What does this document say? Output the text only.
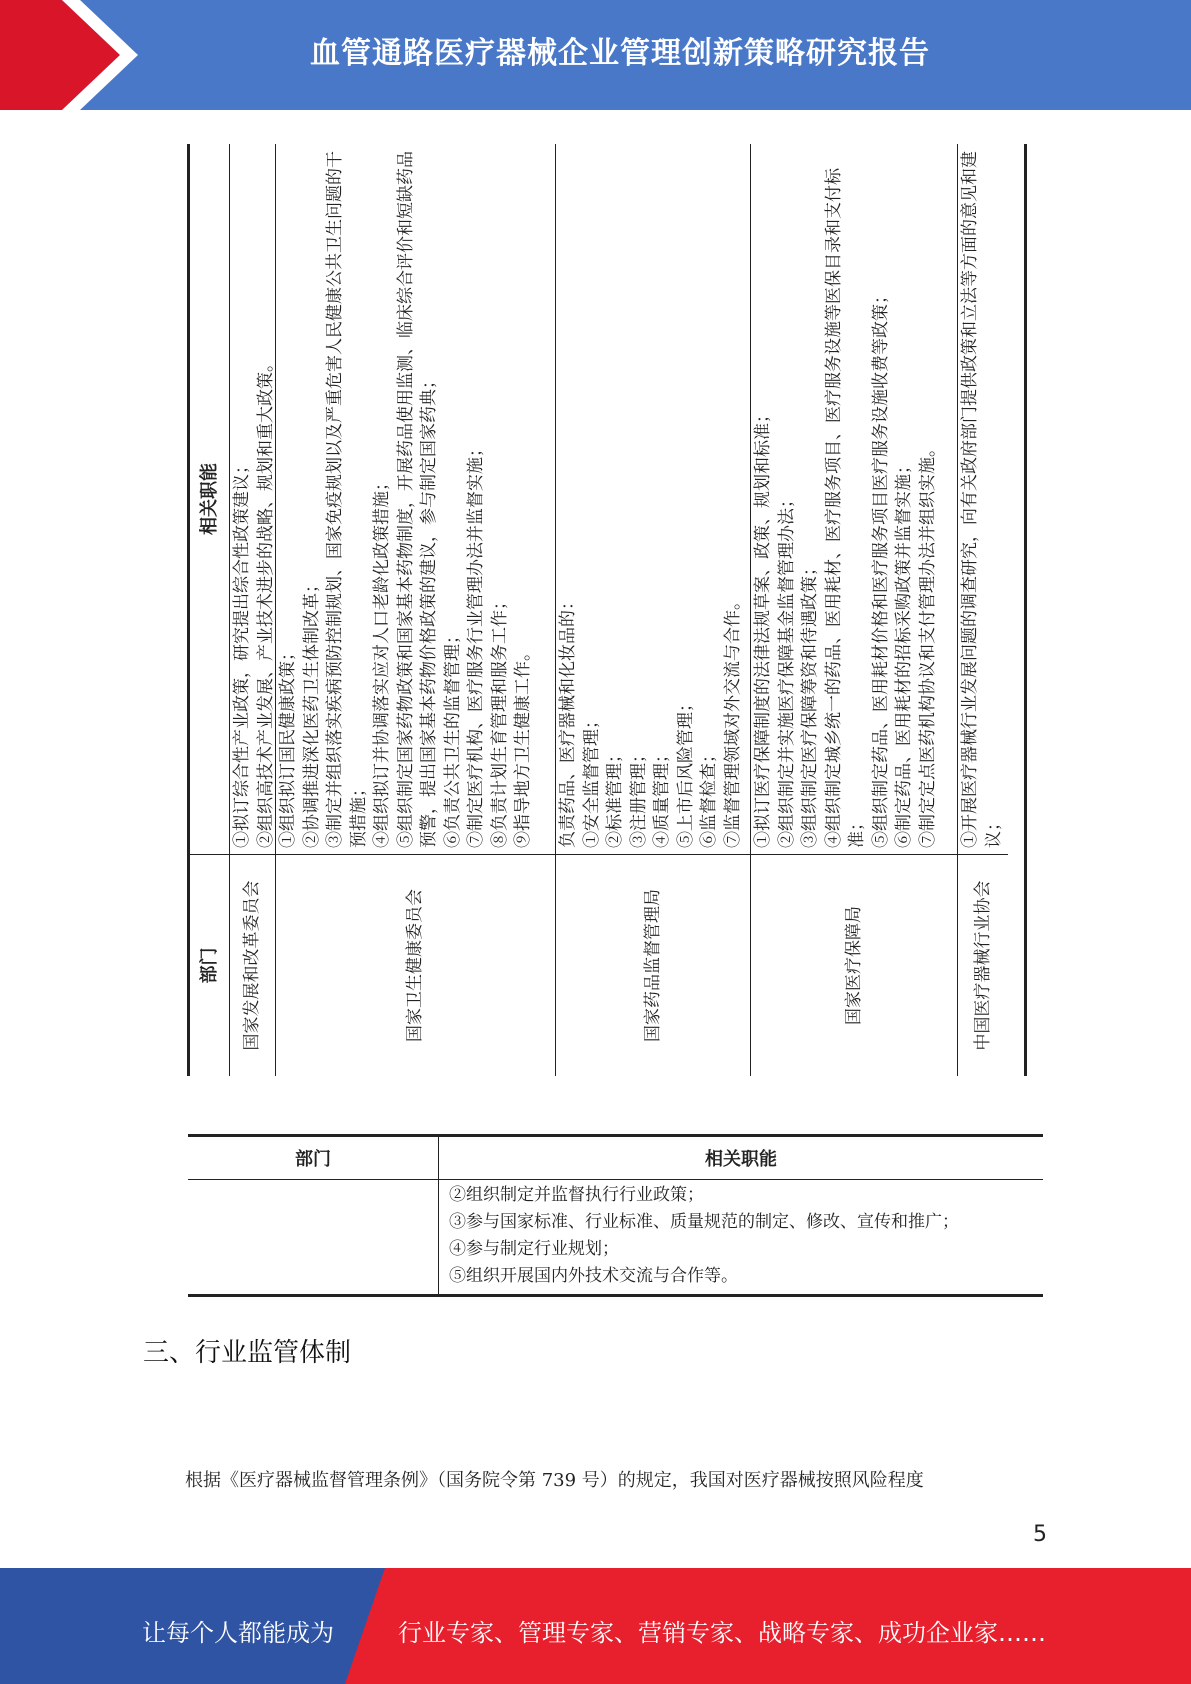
血管通路医疗器械企业管理创新策略研究报告
部门
相关职能
国家发展和改革委员会
①拟订综合性产业政策，研究提出综合性政策建议； ②组织高技术产业发展、产业技术进步的战略、规划和重大政策。
国家卫生健康委员会
①组织拟订国民健康政策； ②协调推进深化医药卫生体制改革； ③制定并组织落实疾病预防控制规划、国家免疫规划以及严重危害人民健康公共卫生问题的干预措施； ④组织拟订并协调落实应对人口老龄化政策措施； ⑤组织制定国家药物政策和国家基本药物制度，开展药品使用监测、临床综合评价和短缺药品预警，提出国家基本药物价格政策的建议，参与制定国家药典； ⑥负责公共卫生的监督管理； ⑦制定医疗机构、医疗服务行业管理办法并监督实施； ⑧负责计划生育管理和服务工作； ⑨指导地方卫生健康工作。
国家药品监督管理局
负责药品、医疗器械和化妆品的： ①安全监督管理； ②标准管理； ③注册管理； ④质量管理； ⑤上市后风险管理； ⑥监督检查； ⑦监督管理领域对外交流与合作。
国家医疗保障局
①拟订医疗保障制度的法律法规草案、政策、规划和标准； ②组织制定并实施医疗保障基金监督管理办法； ③组织制定医疗保障筹资和待遇政策； ④组织制定城乡统一的药品、医用耗材、医疗服务项目、医疗服务设施等医保目录和支付标准； ⑤组织制定药品、医用耗材价格和医疗服务项目医疗服务设施收费等政策； ⑥制定药品、医用耗材的招标采购政策并监督实施； ⑦制定定点医药机构协议和支付管理办法并组织实施。
中国医疗器械行业协会
①开展医疗器械行业发展问题的调查研究，向有关政府部门提供政策和立法等方面的意见和建议；
部门	相关职能

	②组织制定并监督执行行业政策；
③参与国家标准、行业标准、质量规范的制定、修改、宣传和推广；
④参与制定行业规划；
⑤组织开展国内外技术交流与合作等。
三、行业监管体制
根据《医疗器械监督管理条例》（国务院令第 739 号）的规定，我国对医疗器械按照风险程度
5
让每个人都能成为	行业专家、管理专家、营销专家、战略专家、成功企业家……
